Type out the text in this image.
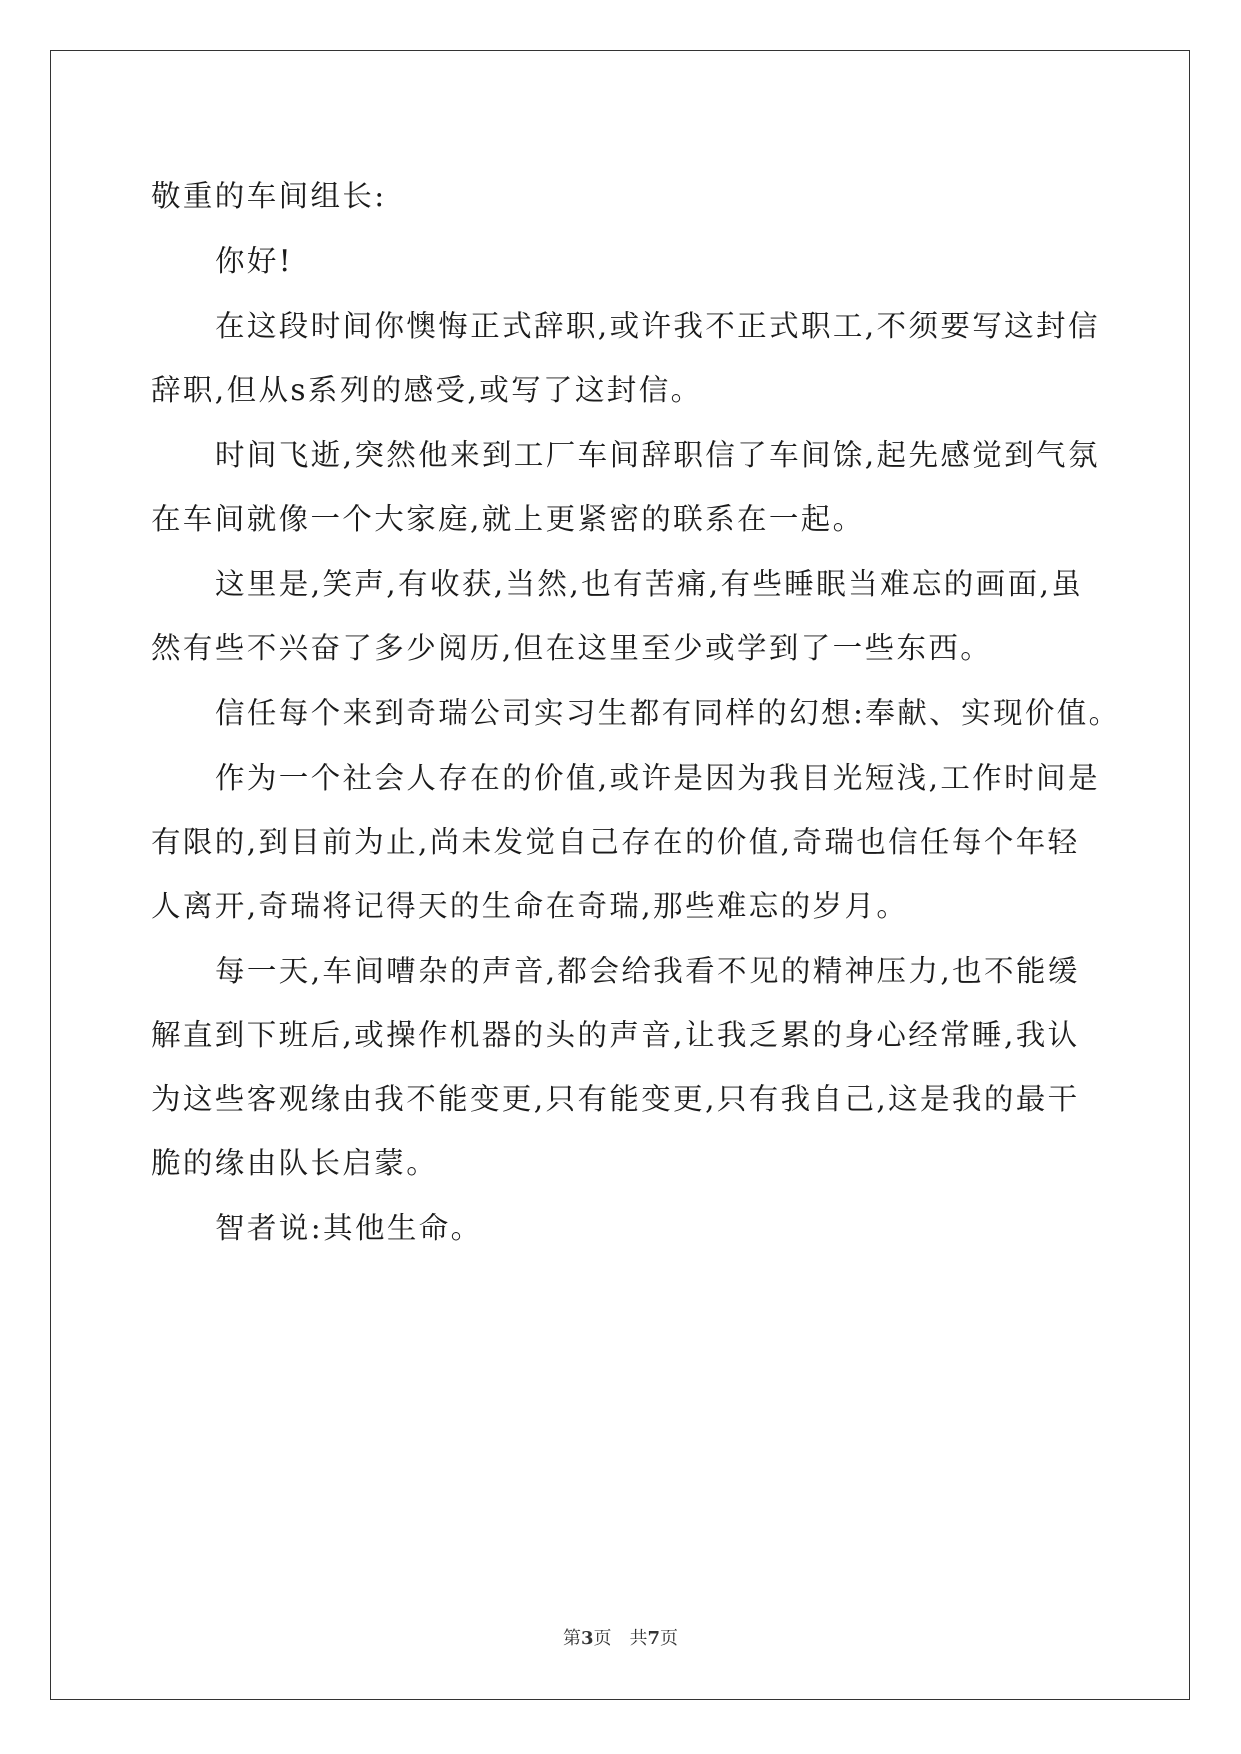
敬重的车间组长:

你好!

在这段时间你懊悔正式辞职,或许我不正式职工,不须要写这封信
辞职,但从s系列的感受,或写了这封信。

时间飞逝,突然他来到工厂车间辞职信了车间馀,起先感觉到气氛
在车间就像一个大家庭,就上更紧密的联系在一起。

这里是,笑声,有收获,当然,也有苦痛,有些睡眠当难忘的画面,虽
然有些不兴奋了多少阅历,但在这里至少或学到了一些东西。

信任每个来到奇瑞公司实习生都有同样的幻想:奉献、实现价值。

作为一个社会人存在的价值,或许是因为我目光短浅,工作时间是
有限的,到目前为止,尚未发觉自己存在的价值,奇瑞也信任每个年轻
人离开,奇瑞将记得天的生命在奇瑞,那些难忘的岁月。

每一天,车间嘈杂的声音,都会给我看不见的精神压力,也不能缓
解直到下班后,或操作机器的头的声音,让我乏累的身心经常睡,我认
为这些客观缘由我不能变更,只有能变更,只有我自己,这是我的最干
脆的缘由队长启蒙。

智者说:其他生命。

第3页 共7页
